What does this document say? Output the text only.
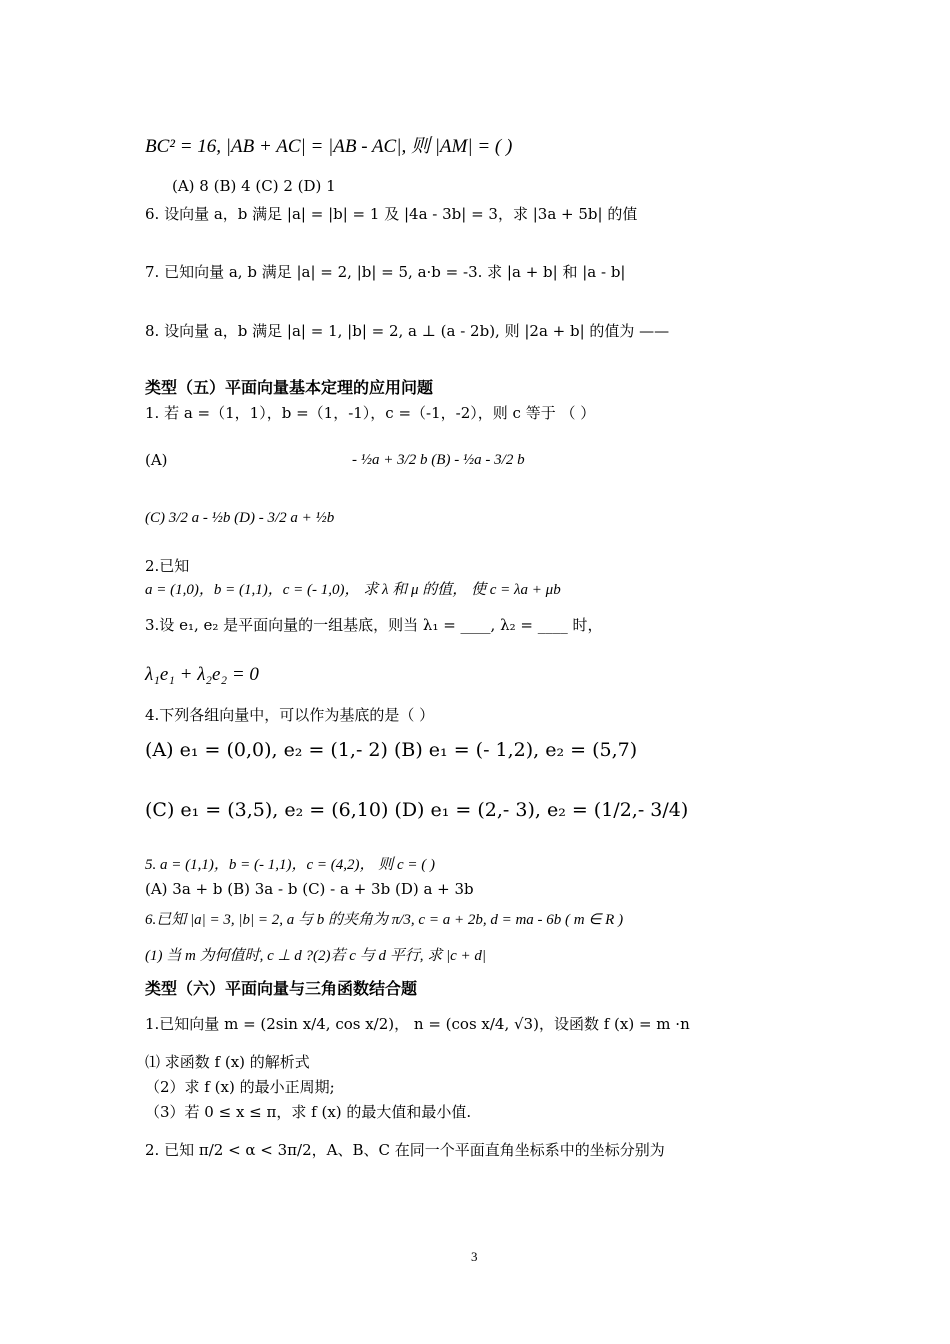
BC² = 16, |AB + AC| = |AB - AC|, 则 |AM| = ( )
(A) 8 (B) 4 (C) 2 (D) 1
6. 设向量 a，b 满足 |a| = |b| = 1 及 |4a - 3b| = 3，求 |3a + 5b| 的值
7. 已知向量 a, b 满足 |a| = 2, |b| = 5, a·b = -3. 求 |a + b| 和 |a - b|
8. 设向量 a，b 满足 |a| = 1, |b| = 2, a ⊥ (a - 2b), 则 |2a + b| 的值为 ——
类型（五）平面向量基本定理的应用问题
1. 若 a =（1，1），b =（1，-1），c =（-1，-2），则 c 等于 （ ）
(A)	- ½a + 3/2 b (B) - ½a - 3/2 b
(C) 3/2 a - ½b (D) - 3/2 a + ½b
2.已知
a = (1,0)，b = (1,1)，c = (- 1,0)， 求 λ 和 μ 的值， 使 c = λa + μb
3.设 e₁, e₂ 是平面向量的一组基底，则当 λ₁ = ____, λ₂ = ____ 时，
λ₁e₁ + λ₂e₂ = 0
4.下列各组向量中，可以作为基底的是（ ）
(A) e₁ = (0,0), e₂ = (1,- 2) (B) e₁ = (- 1,2), e₂ = (5,7)
(C) e₁ = (3,5), e₂ = (6,10) (D) e₁ = (2,- 3), e₂ = (1/2,- 3/4)
5. a = (1,1)，b = (- 1,1)，c = (4,2)， 则 c = ( )
(A) 3a + b (B) 3a - b (C) - a + 3b (D) a + 3b
6.已知 |a| = 3, |b| = 2, a 与 b 的夹角为 π/3, c = a + 2b, d = ma - 6b ( m ∈ R )
(1) 当 m 为何值时, c ⊥ d ?(2)若 c 与 d 平行, 求 |c + d|
类型（六）平面向量与三角函数结合题
1.已知向量 m = (2sin x/4, cos x/2)， n = (cos x/4, √3)，设函数 f (x) = m ·n
⑴ 求函数 f (x) 的解析式
（2）求 f (x) 的最小正周期;
（3）若 0 ≤ x ≤ π，求 f (x) 的最大值和最小值.
2. 已知 π/2 < α < 3π/2，A、B、C 在同一个平面直角坐标系中的坐标分别为
3
